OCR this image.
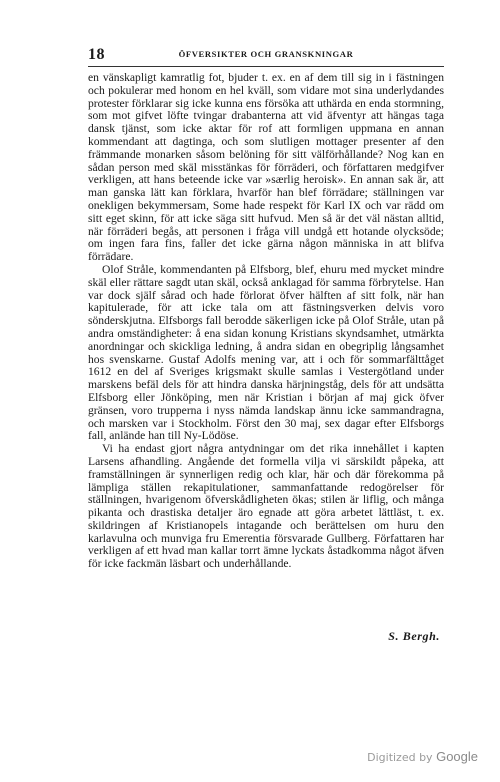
18	ÖFVERSIKTER OCH GRANSKNINGAR

en vänskapligt kamratlig fot, bjuder t. ex. en af dem till sig in i fästningen och pokulerar med honom en hel kväll, som vidare mot sina underlydandes protester förklarar sig icke kunna ens försöka att uthärda en enda stormning, som mot gifvet löfte tvingar drabanterna att vid äfventyr att hängas taga dansk tjänst, som icke aktar för rof att formligen uppmana en annan kommendant att dagtinga, och som slutligen mottager presenter af den främmande monarken såsom belöning för sitt välförhållande? Nog kan en sådan person med skäl misstänkas för förräderi, och författaren medgifver verkligen, att hans beteende icke var »særlig heroisk». En annan sak är, att man ganska lätt kan förklara, hvarför han blef förrädare; ställningen var onekligen bekymmersam, Some hade respekt för Karl IX och var rädd om sitt eget skinn, för att icke säga sitt hufvud. Men så är det väl nästan alltid, när förräderi begås, att personen i fråga vill undgå ett hotande olycksöde; om ingen fara fins, faller det icke gärna någon människa in att blifva förrädare.

Olof Stråle, kommendanten på Elfsborg, blef, ehuru med mycket mindre skäl eller rättare sagdt utan skäl, också anklagad för samma förbrytelse. Han var dock själf sårad och hade förlorat öfver hälften af sitt folk, när han kapitulerade, för att icke tala om att fästningsverken delvis voro sönderskjutna. Elfsborgs fall berodde säkerligen icke på Olof Stråle, utan på andra omständigheter: å ena sidan konung Kristians skyndsamhet, utmärkta anordningar och skickliga ledning, å andra sidan en obegriplig långsamhet hos svenskarne. Gustaf Adolfs mening var, att i och för sommarfälttåget 1612 en del af Sveriges krigsmakt skulle samlas i Vestergötland under marskens befäl dels för att hindra danska härjningståg, dels för att undsätta Elfsborg eller Jönköping, men när Kristian i början af maj gick öfver gränsen, voro trupperna i nyss nämda landskap ännu icke sammandragna, och marsken var i Stockholm. Först den 30 maj, sex dagar efter Elfsborgs fall, anlände han till Ny-Lödöse.

Vi ha endast gjort några antydningar om det rika innehållet i kapten Larsens afhandling. Angående det formella vilja vi särskildt påpeka, att framställningen är synnerligen redig och klar, här och där förekomma på lämpliga ställen rekapitulationer, sammanfattande redogörelser för ställningen, hvarigenom öfverskådligheten ökas; stilen är liflig, och många pikanta och drastiska detaljer äro egnade att göra arbetet lättläst, t. ex. skildringen af Kristianopels intagande och berättelsen om huru den karlavulna och munviga fru Emerentia försvarade Gullberg. Författaren har verkligen af ett hvad man kallar torrt ämne lyckats åstadkomma något äfven för icke fackmän läsbart och underhållande.

S. Bergh.
Digitized by Google
